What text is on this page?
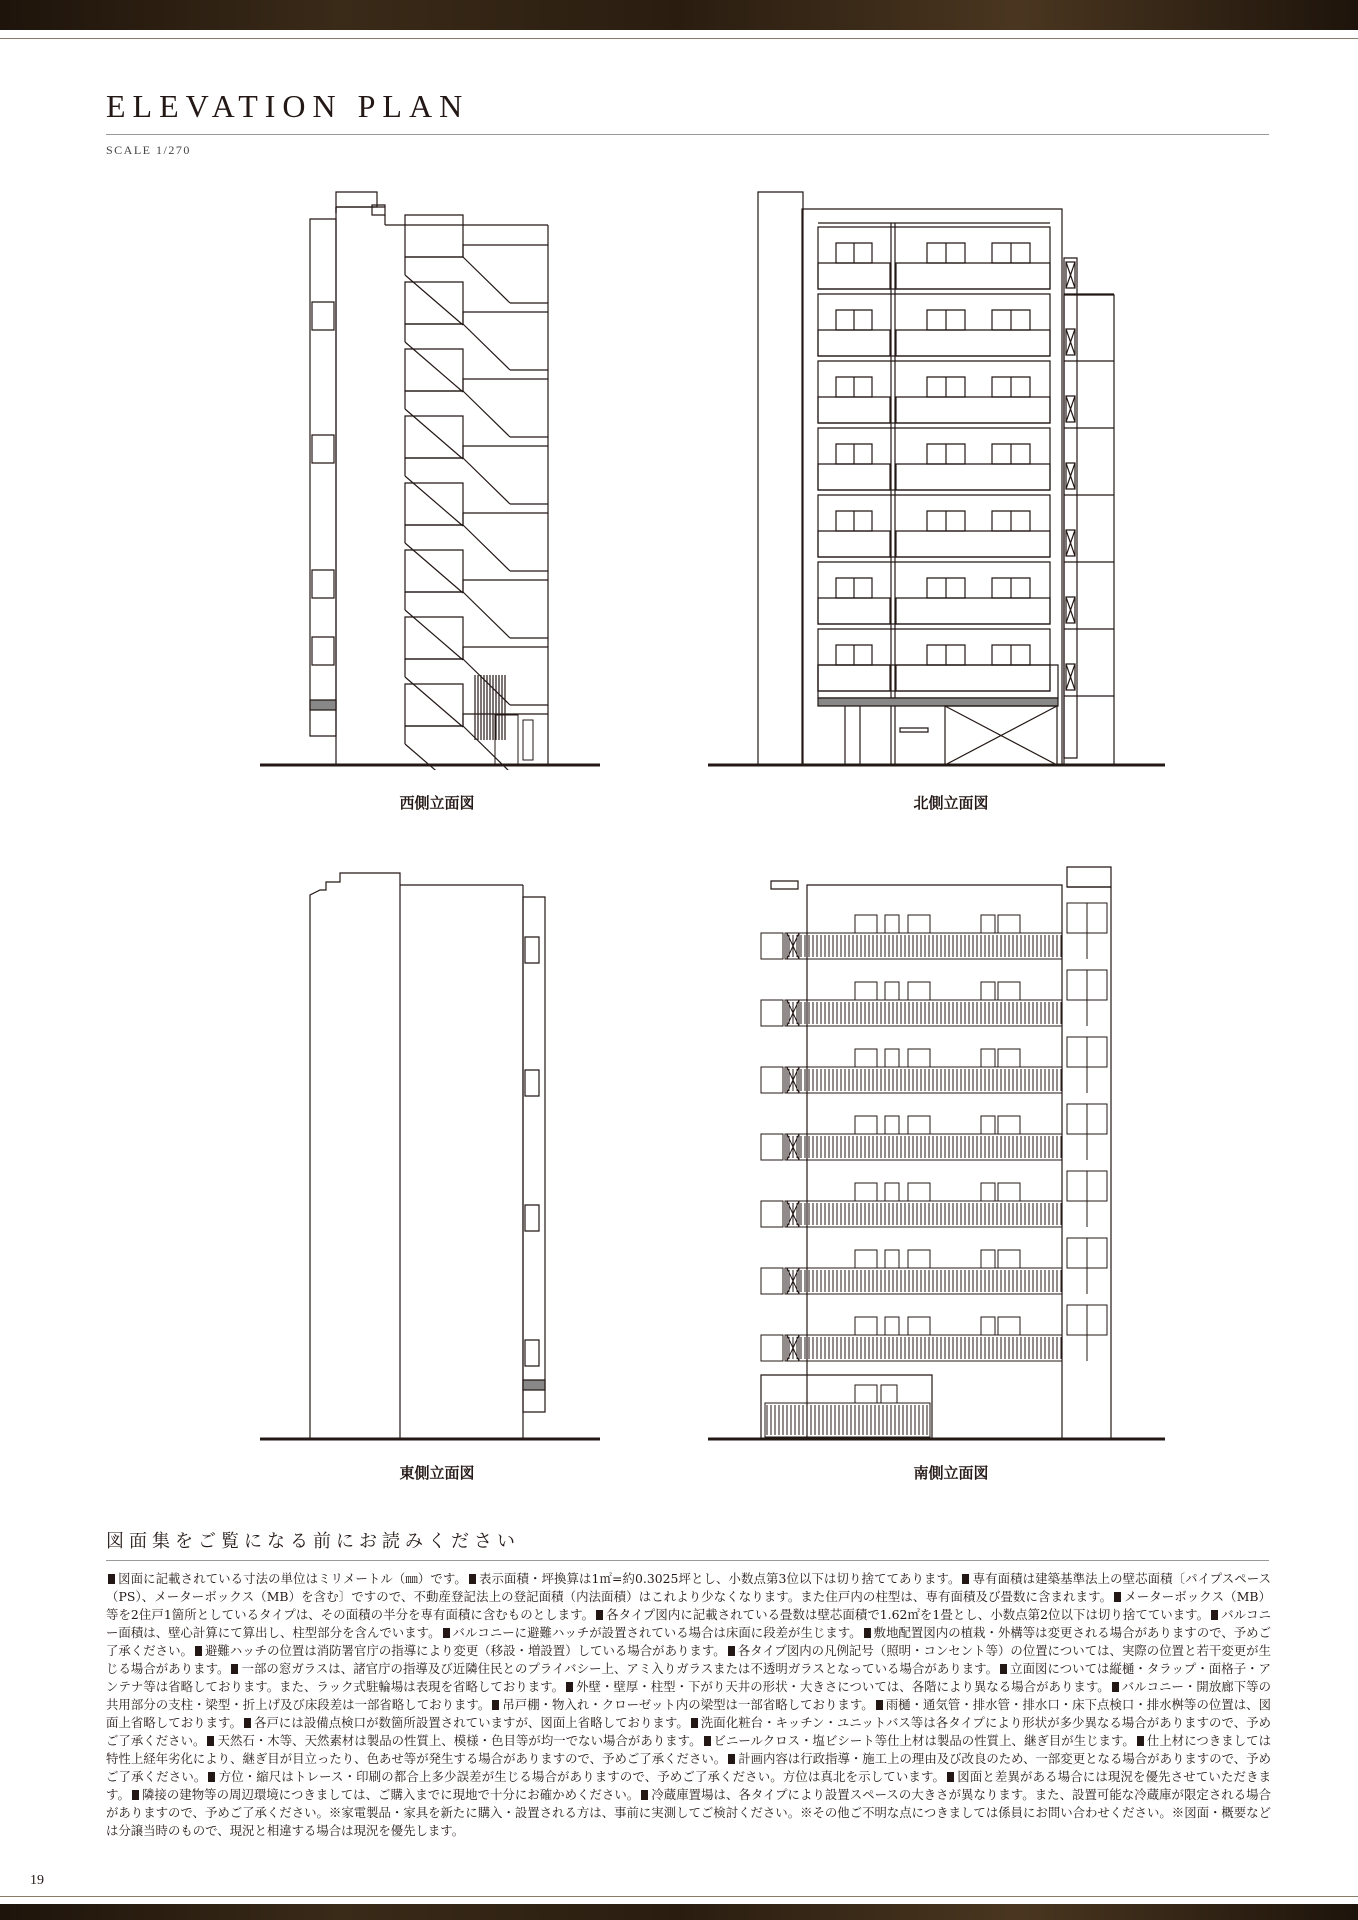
ELEVATION PLAN
SCALE 1/270
西側立面図	北側立面図
東側立面図	南側立面図
図面集をご覧になる前にお読みください
図面に記載されている寸法の単位はミリメートル（㎜）です。 表示面積・坪換算は1㎡=約0.3025坪とし、小数点第3位以下は切り捨ててあります。 専有面積は建築基準法上の壁芯面積〔パイプスペース（PS）、メーターボックス（MB）を含む〕ですので、不動産登記法上の登記面積（内法面積）はこれより少なくなります。また住戸内の柱型は、専有面積及び畳数に含まれます。 メーターボックス（MB）等を2住戸1箇所としているタイプは、その面積の半分を専有面積に含むものとします。 各タイプ図内に記載されている畳数は壁芯面積で1.62㎡を1畳とし、小数点第2位以下は切り捨てています。 バルコニー面積は、壁心計算にて算出し、柱型部分を含んでいます。 バルコニーに避難ハッチが設置されている場合は床面に段差が生じます。 敷地配置図内の植栽・外構等は変更される場合がありますので、予めご了承ください。 避難ハッチの位置は消防署官庁の指導により変更（移設・増設置）している場合があります。 各タイプ図内の凡例記号（照明・コンセント等）の位置については、実際の位置と若干変更が生じる場合があります。 一部の窓ガラスは、諸官庁の指導及び近隣住民とのプライバシー上、アミ入りガラスまたは不透明ガラスとなっている場合があります。 立面図については縦樋・タラップ・面格子・アンテナ等は省略しております。また、ラック式駐輪場は表現を省略しております。 外壁・壁厚・柱型・下がり天井の形状・大きさについては、各階により異なる場合があります。 バルコニー・開放廊下等の共用部分の支柱・梁型・折上げ及び床段差は一部省略しております。 吊戸棚・物入れ・クローゼット内の梁型は一部省略しております。 雨樋・通気管・排水管・排水口・床下点検口・排水桝等の位置は、図面上省略しております。 各戸には設備点検口が数箇所設置されていますが、図面上省略しております。 洗面化粧台・キッチン・ユニットバス等は各タイプにより形状が多少異なる場合がありますので、予めご了承ください。 天然石・木等、天然素材は製品の性質上、模様・色目等が均一でない場合があります。 ビニールクロス・塩ビシート等仕上材は製品の性質上、継ぎ目が生じます。 仕上材につきましては特性上経年劣化により、継ぎ目が目立ったり、色あせ等が発生する場合がありますので、予めご了承ください。 計画内容は行政指導・施工上の理由及び改良のため、一部変更となる場合がありますので、予めご了承ください。 方位・縮尺はトレース・印刷の都合上多少誤差が生じる場合がありますので、予めご了承ください。方位は真北を示しています。 図面と差異がある場合には現況を優先させていただきます。 隣接の建物等の周辺環境につきましては、ご購入までに現地で十分にお確かめください。 冷蔵庫置場は、各タイプにより設置スペースの大きさが異なります。また、設置可能な冷蔵庫が限定される場合がありますので、予めご了承ください。※家電製品・家具を新たに購入・設置される方は、事前に実測してご検討ください。※その他ご不明な点につきましては係員にお問い合わせください。※図面・概要などは分譲当時のもので、現況と相違する場合は現況を優先します。
19
